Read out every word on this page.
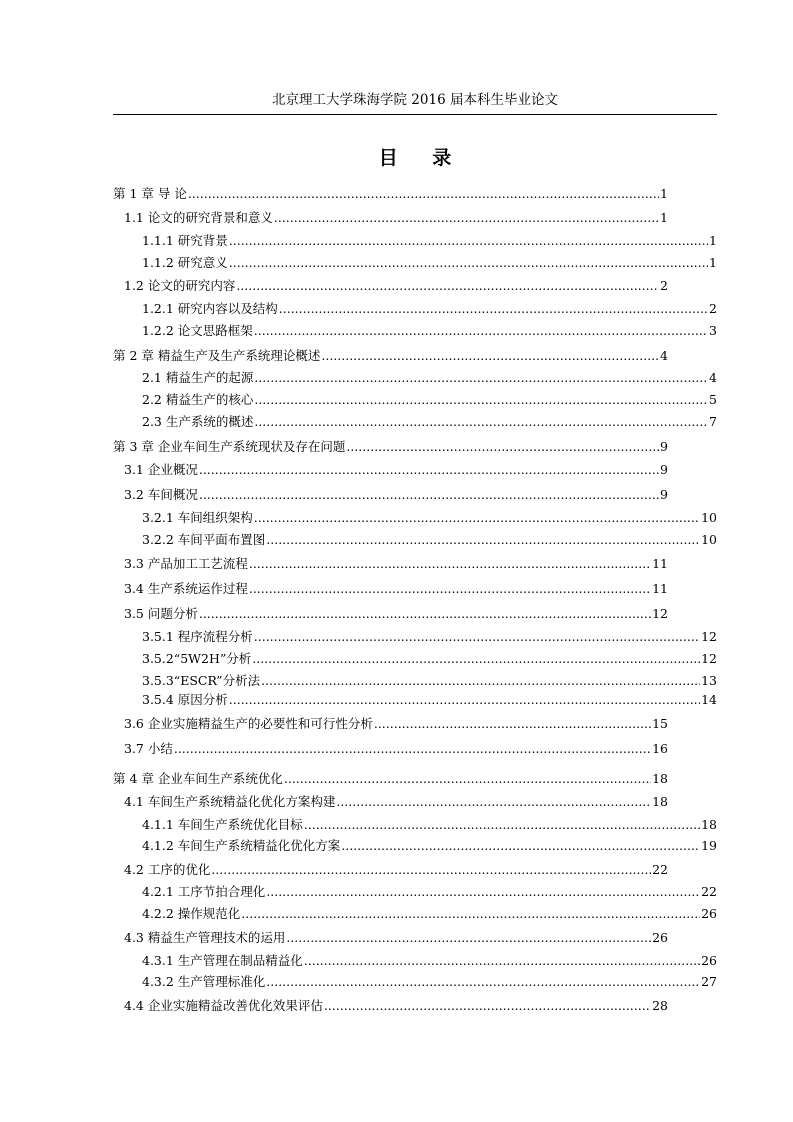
北京理工大学珠海学院 2016 届本科生毕业论文
目 录
第 1 章 导 论 .....	1
1.1 论文的研究背景和意义 .....	1
1.1.1 研究背景 .....	1
1.1.2 研究意义 .....	1
1.2 论文的研究内容 .....	2
1.2.1 研究内容以及结构 .....	2
1.2.2 论文思路框架 .....	3
第 2 章 精益生产及生产系统理论概述 .....	4
2.1 精益生产的起源 .....	4
2.2 精益生产的核心 .....	5
2.3 生产系统的概述 .....	7
第 3 章 企业车间生产系统现状及存在问题 .....	9
3.1 企业概况 .....	9
3.2 车间概况 .....	9
3.2.1 车间组织架构 .....	10
3.2.2 车间平面布置图 .....	10
3.3 产品加工工艺流程 .....	11
3.4 生产系统运作过程 .....	11
3.5 问题分析 .....	12
3.5.1 程序流程分析 .....	12
3.5.2“5W2H”分析 .....	12
3.5.3“ESCR”分析法 .....	13
3.5.4 原因分析 .....	14
3.6 企业实施精益生产的必要性和可行性分析 .....	15
3.7 小结 .....	16
第 4 章 企业车间生产系统优化 .....	18
4.1 车间生产系统精益化优化方案构建 .....	18
4.1.1 车间生产系统优化目标 .....	18
4.1.2 车间生产系统精益化优化方案 .....	19
4.2 工序的优化 .....	22
4.2.1 工序节拍合理化 .....	22
4.2.2 操作规范化 .....	26
4.3 精益生产管理技术的运用 .....	26
4.3.1 生产管理在制品精益化 .....	26
4.3.2 生产管理标准化 .....	27
4.4 企业实施精益改善优化效果评估 .....	28
